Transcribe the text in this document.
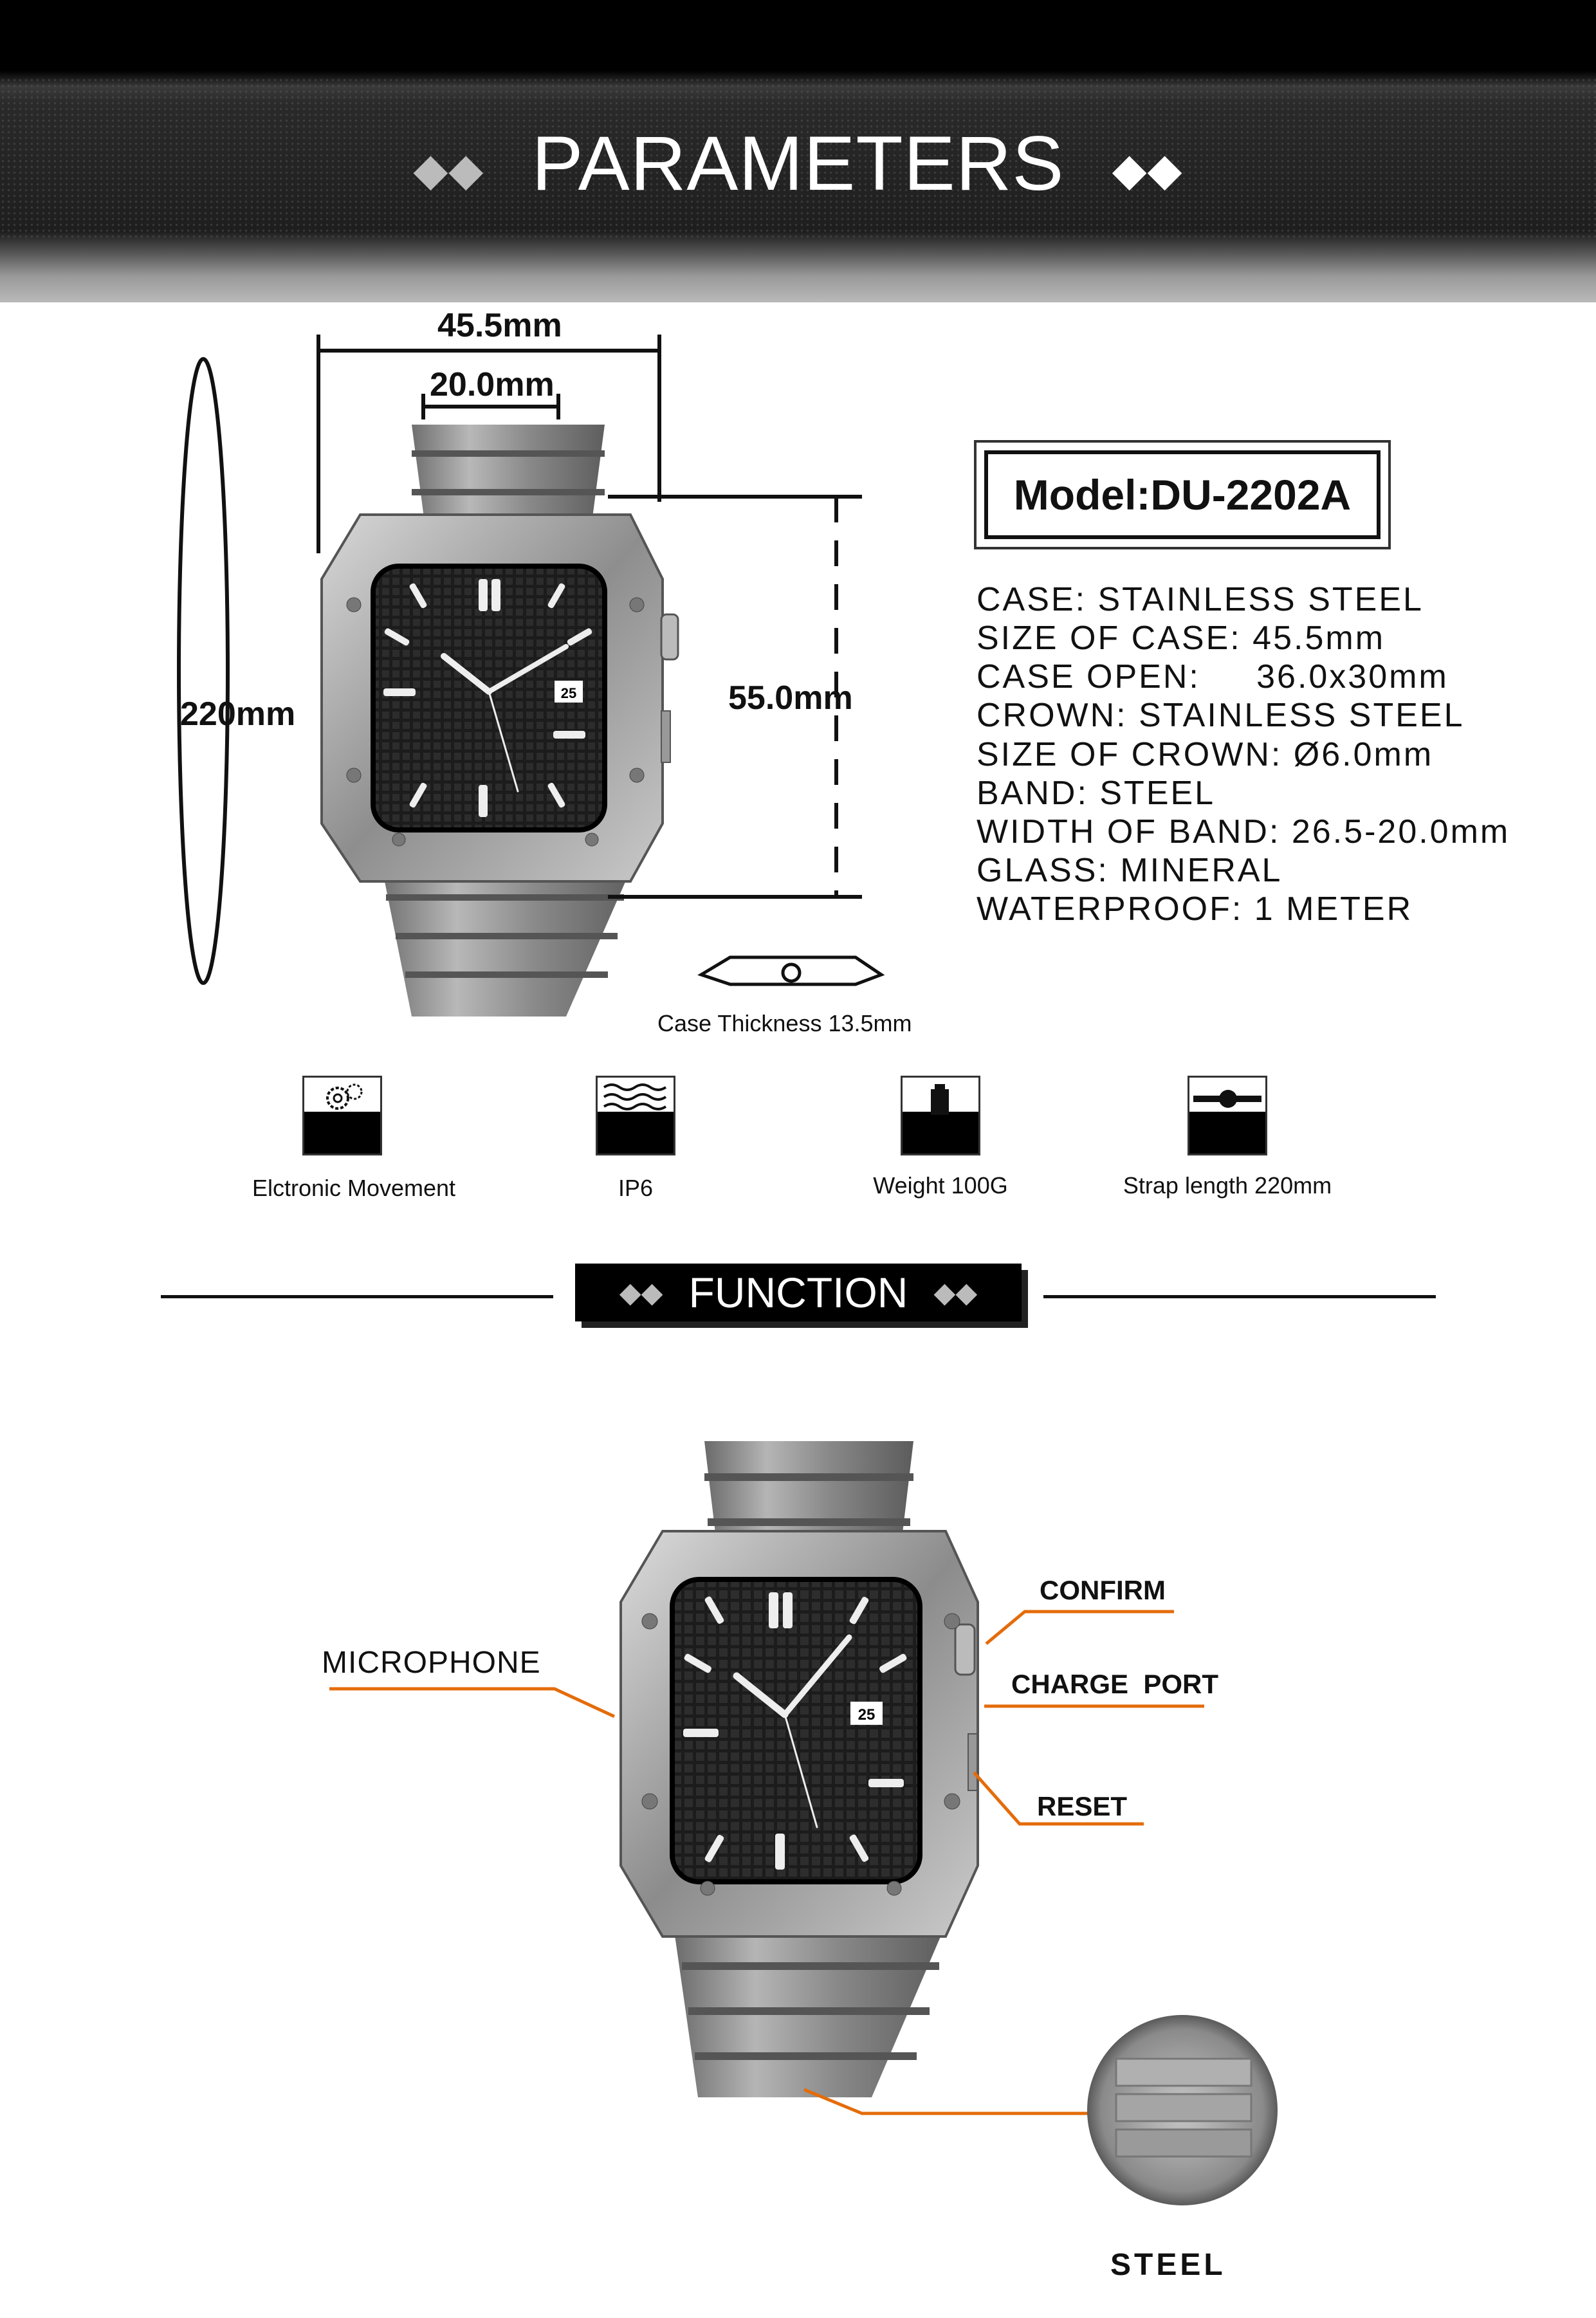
◆◆ PARAMETERS ◆◆
25
45.5mm
20.0mm
55.0mm
220mm
Case Thickness 13.5mm
Model:DU-2202A
CASE: STAINLESS STEEL
SIZE OF CASE: 45.5mm
CASE OPEN:     36.0x30mm
CROWN: STAINLESS STEEL
SIZE OF CROWN: Ø6.0mm
BAND: STEEL
WIDTH OF BAND: 26.5-20.0mm
GLASS: MINERAL
WATERPROOF: 1 METER
Elctronic Movement	IP6	Weight 100G	Strap length 220mm
◆◆ FUNCTION ◆◆
25
MICROPHONE
CONFIRM
CHARGE  PORT
RESET
STEEL
